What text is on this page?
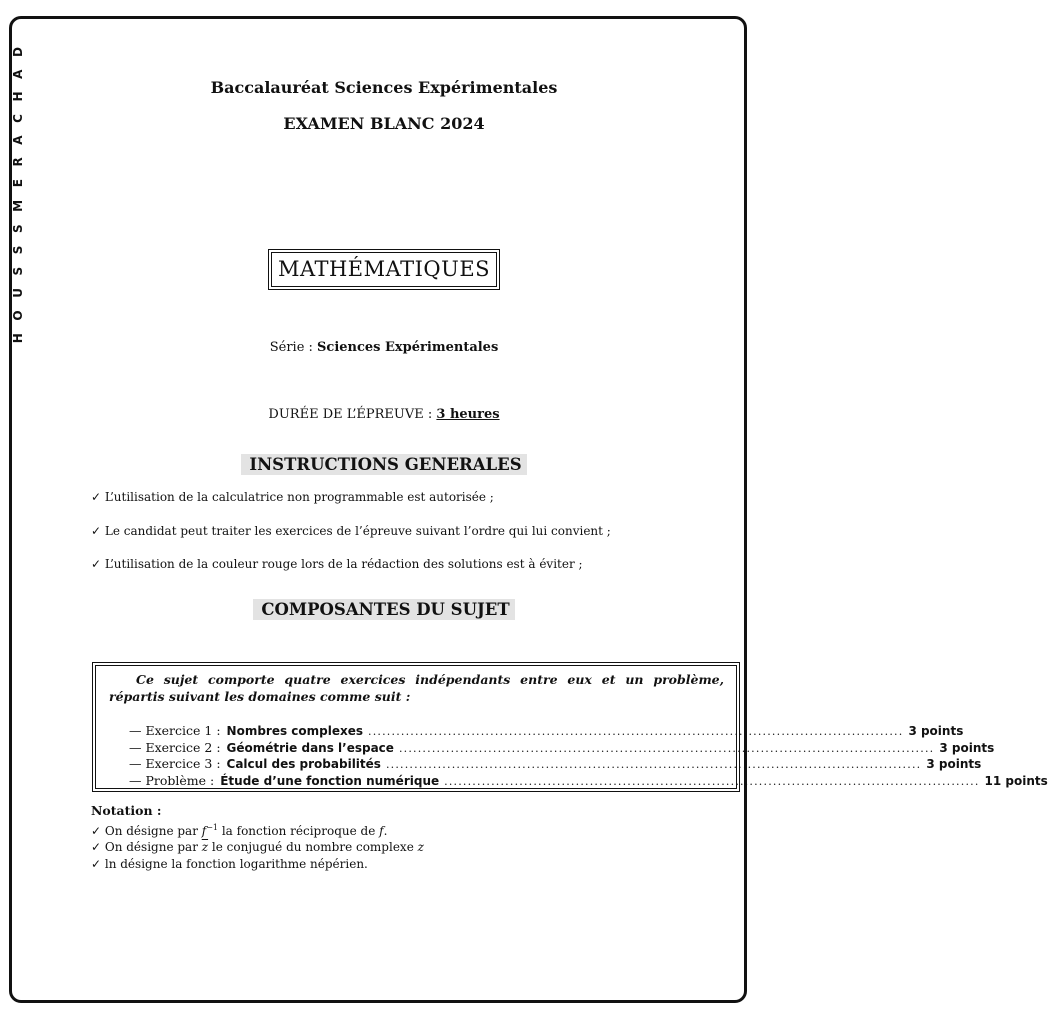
H O U S S S M E R A C H A D	Baccalauréat Sciences Expérimentales
EXAMEN BLANC 2024
MATHÉMATIQUES
Série : Sciences Expérimentales
DURÉE DE L’ÉPREUVE : 3 heures
INSTRUCTIONS GENERALES
✓ L’utilisation de la calculatrice non programmable est autorisée ;
✓ Le candidat peut traiter les exercices de l’épreuve suivant l’ordre qui lui convient ;
✓ L’utilisation de la couleur rouge lors de la rédaction des solutions est à éviter ;
COMPOSANTES DU SUJET

Ce sujet comporte quatre exercices indépendants entre eux et un problème, répartis suivant les domaines comme suit :

— Exercice 1 : Nombres complexes .................................................................................................................. 3 points
— Exercice 2 : Géométrie dans l’espace .................................................................................................................. 3 points
— Exercice 3 : Calcul des probabilités .................................................................................................................. 3 points
— Problème : Étude d’une fonction numérique .................................................................................................................. 11 points
Notation :
✓ On désigne par $f^{-1}$ la fonction réciproque de f.
✓ On désigne par $\overline{z}$ le conjugué du nombre complexe z
✓ ln désigne la fonction logarithme népérien.
